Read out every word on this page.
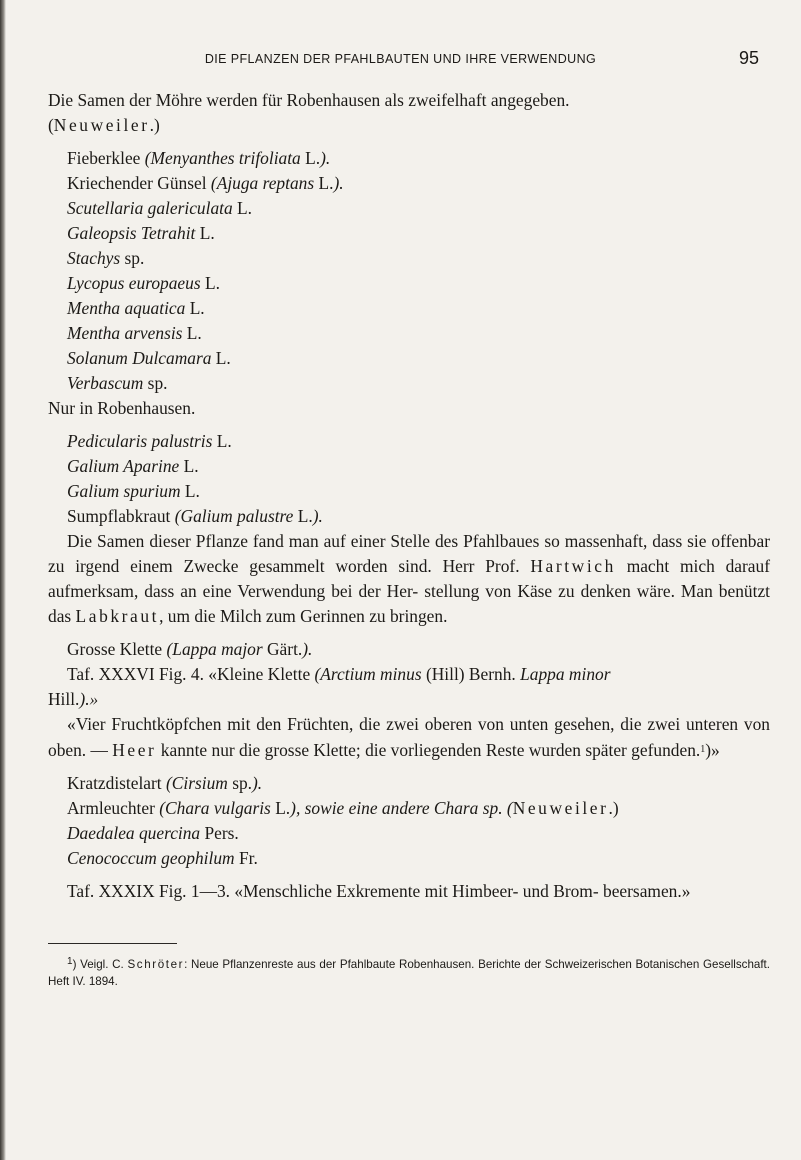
DIE PFLANZEN DER PFAHLBAUTEN UND IHRE VERWENDUNG	95

Die Samen der Möhre werden für Robenhausen als zweifelhaft angegeben.
(Neuweiler.)

Fieberklee (Menyanthes trifoliata L.).

Kriechender Günsel (Ajuga reptans L.).

Scutellaria galericulata L.

Galeopsis Tetrahit L.

Stachys sp.

Lycopus europaeus L.

Mentha aquatica L.

Mentha arvensis L.

Solanum Dulcamara L.

Verbascum sp.

Nur in Robenhausen.

Pedicularis palustris L.

Galium Aparine L.

Galium spurium L.

Sumpflabkraut (Galium palustre L.).

Die Samen dieser Pflanze fand man auf einer Stelle des Pfahlbaues so massenhaft, dass sie offenbar zu irgend einem Zwecke gesammelt worden sind. Herr Prof. Hartwich macht mich darauf aufmerksam, dass an eine Verwendung bei der Her- stellung von Käse zu denken wäre. Man benützt das Labkraut, um die Milch zum Gerinnen zu bringen.

Grosse Klette (Lappa major Gärt.).

Taf. XXXVI Fig. 4. «Kleine Klette (Arctium minus (Hill) Bernh. Lappa minor
Hill.).»

«Vier Fruchtköpfchen mit den Früchten, die zwei oberen von unten gesehen, die zwei unteren von oben. — Heer kannte nur die grosse Klette; die vorliegenden Reste wurden später gefunden.$^1$)»

Kratzdistelart (Cirsium sp.).

Armleuchter (Chara vulgaris L.), sowie eine andere Chara sp. (Neuweiler.)

Daedalea quercina Pers.

Cenococcum geophilum Fr.

Taf. XXXIX Fig. 1—3. «Menschliche Exkremente mit Himbeer- und Brom- beersamen.»

$^1$) Veigl. C. Schröter: Neue Pflanzenreste aus der Pfahlbaute Robenhausen. Berichte der Schweizerischen Botanischen Gesellschaft. Heft IV. 1894.
